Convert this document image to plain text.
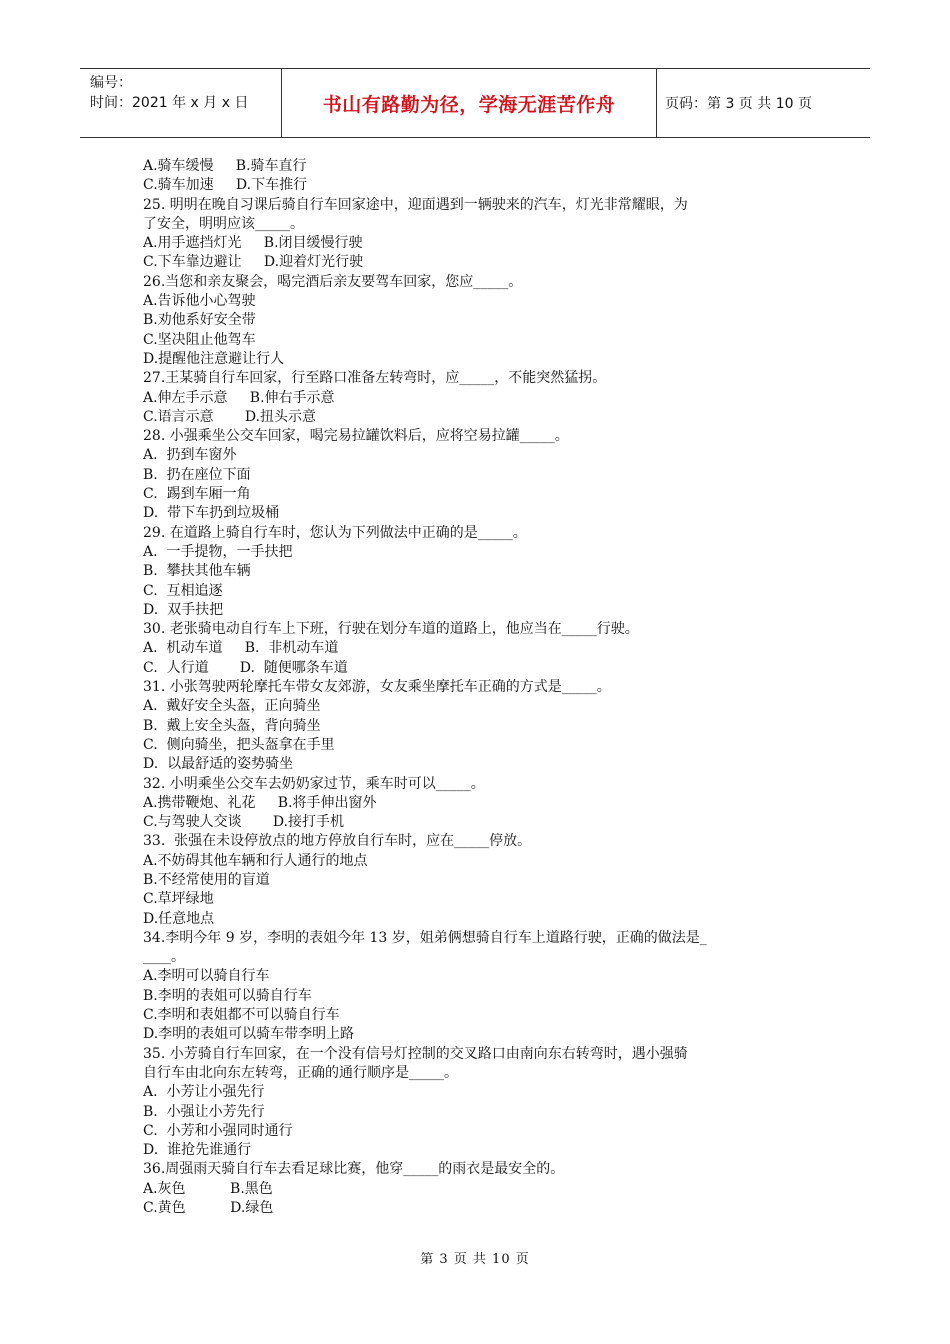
编号：
时间：2021 年 x 月 x 日	书山有路勤为径，学海无涯苦作舟	页码：第 3 页 共 10 页
A.骑车缓慢     B.骑车直行
C.骑车加速     D.下车推行
25. 明明在晚自习课后骑自行车回家途中，迎面遇到一辆驶来的汽车，灯光非常耀眼，为
了安全，明明应该_____。
A.用手遮挡灯光     B.闭目缓慢行驶
C.下车靠边避让     D.迎着灯光行驶
26.当您和亲友聚会，喝完酒后亲友要驾车回家，您应_____。
A.告诉他小心驾驶
B.劝他系好安全带
C.坚决阻止他驾车
D.提醒他注意避让行人
27.王某骑自行车回家，行至路口准备左转弯时，应_____，不能突然猛拐。
A.伸左手示意     B.伸右手示意
C.语言示意       D.扭头示意
28. 小强乘坐公交车回家，喝完易拉罐饮料后，应将空易拉罐_____。
A.  扔到车窗外
B.  扔在座位下面
C.  踢到车厢一角
D.  带下车扔到垃圾桶
29. 在道路上骑自行车时，您认为下列做法中正确的是_____。
A.  一手提物，一手扶把
B.  攀扶其他车辆
C.  互相追逐
D.  双手扶把
30. 老张骑电动自行车上下班，行驶在划分车道的道路上，他应当在_____行驶。
A.  机动车道     B.  非机动车道
C.  人行道       D.  随便哪条车道
31. 小张驾驶两轮摩托车带女友郊游，女友乘坐摩托车正确的方式是_____。
A.  戴好安全头盔，正向骑坐
B.  戴上安全头盔，背向骑坐
C.  侧向骑坐，把头盔拿在手里
D.  以最舒适的姿势骑坐
32. 小明乘坐公交车去奶奶家过节，乘车时可以_____。
A.携带鞭炮、礼花     B.将手伸出窗外
C.与驾驶人交谈       D.接打手机
33.  张强在未设停放点的地方停放自行车时，应在_____停放。
A.不妨碍其他车辆和行人通行的地点
B.不经常使用的盲道
C.草坪绿地
D.任意地点
34.李明今年 9 岁，李明的表姐今年 13 岁，姐弟俩想骑自行车上道路行驶，正确的做法是_
____。
A.李明可以骑自行车
B.李明的表姐可以骑自行车
C.李明和表姐都不可以骑自行车
D.李明的表姐可以骑车带李明上路
35. 小芳骑自行车回家，在一个没有信号灯控制的交叉路口由南向东右转弯时，遇小强骑
自行车由北向东左转弯，正确的通行顺序是_____。
A.  小芳让小强先行
B.  小强让小芳先行
C.  小芳和小强同时通行
D.  谁抢先谁通行
36.周强雨天骑自行车去看足球比赛，他穿_____的雨衣是最安全的。
A.灰色          B.黑色
C.黄色          D.绿色
第 3 页 共 10 页
